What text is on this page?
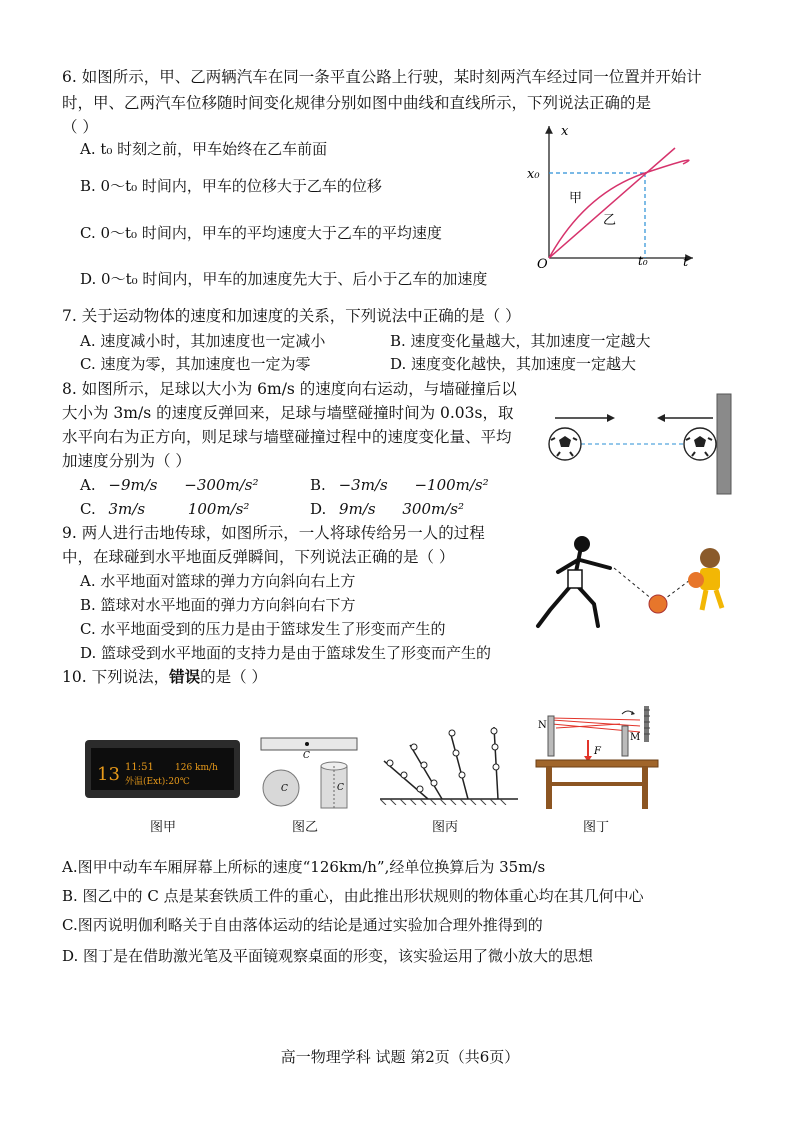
6. 如图所示，甲、乙两辆汽车在同一条平直公路上行驶，某时刻两汽车经过同一位置并开始计
时，甲、乙两汽车位移随时间变化规律分别如图中曲线和直线所示，下列说法正确的是
（ ）
A. t₀ 时刻之前，甲车始终在乙车前面
B. 0～t₀ 时间内，甲车的位移大于乙车的位移
C. 0～t₀ 时间内，甲车的平均速度大于乙车的平均速度
D. 0～t₀ 时间内，甲车的加速度先大于、后小于乙车的加速度
x
t
O
x₀
t₀
甲
乙
7. 关于运动物体的速度和加速度的关系，下列说法中正确的是（ ）
A. 速度减小时，其加速度也一定减小	B. 速度变化量越大，其加速度一定越大
C. 速度为零，其加速度也一定为零	D. 速度变化越快，其加速度一定越大
8. 如图所示，足球以大小为 6m/s 的速度向右运动，与墙碰撞后以
大小为 3m/s 的速度反弹回来，足球与墙壁碰撞时间为 0.03s，取
水平向右为正方向，则足球与墙壁碰撞过程中的速度变化量、平均
加速度分别为（ ）
A. −9m/s −300m/s²	B. −3m/s −100m/s²
C. 3m/s	100m/s²	D. 9m/s 300m/s²
9. 两人进行击地传球，如图所示，一人将球传给另一人的过程
中，在球碰到水平地面反弹瞬间，下列说法正确的是（ ）
A. 水平地面对篮球的弹力方向斜向右上方
B. 篮球对水平地面的弹力方向斜向右下方
C. 水平地面受到的压力是由于篮球发生了形变而产生的
D. 篮球受到水平地面的支持力是由于篮球发生了形变而产生的
10. 下列说法，错误的是（ ）
13 11:51 126 km/h
外温(Ext):20℃
图甲
C
C	C
图乙	图丙
N
M
F
图丁
A.图甲中动车车厢屏幕上所标的速度“126km/h”,经单位换算后为 35m/s
B. 图乙中的 C 点是某套铁质工件的重心，由此推出形状规则的物体重心均在其几何中心
C.图丙说明伽利略关于自由落体运动的结论是通过实验加合理外推得到的
D. 图丁是在借助激光笔及平面镜观察桌面的形变，该实验运用了微小放大的思想
高一物理学科 试题 第2页（共6页）
